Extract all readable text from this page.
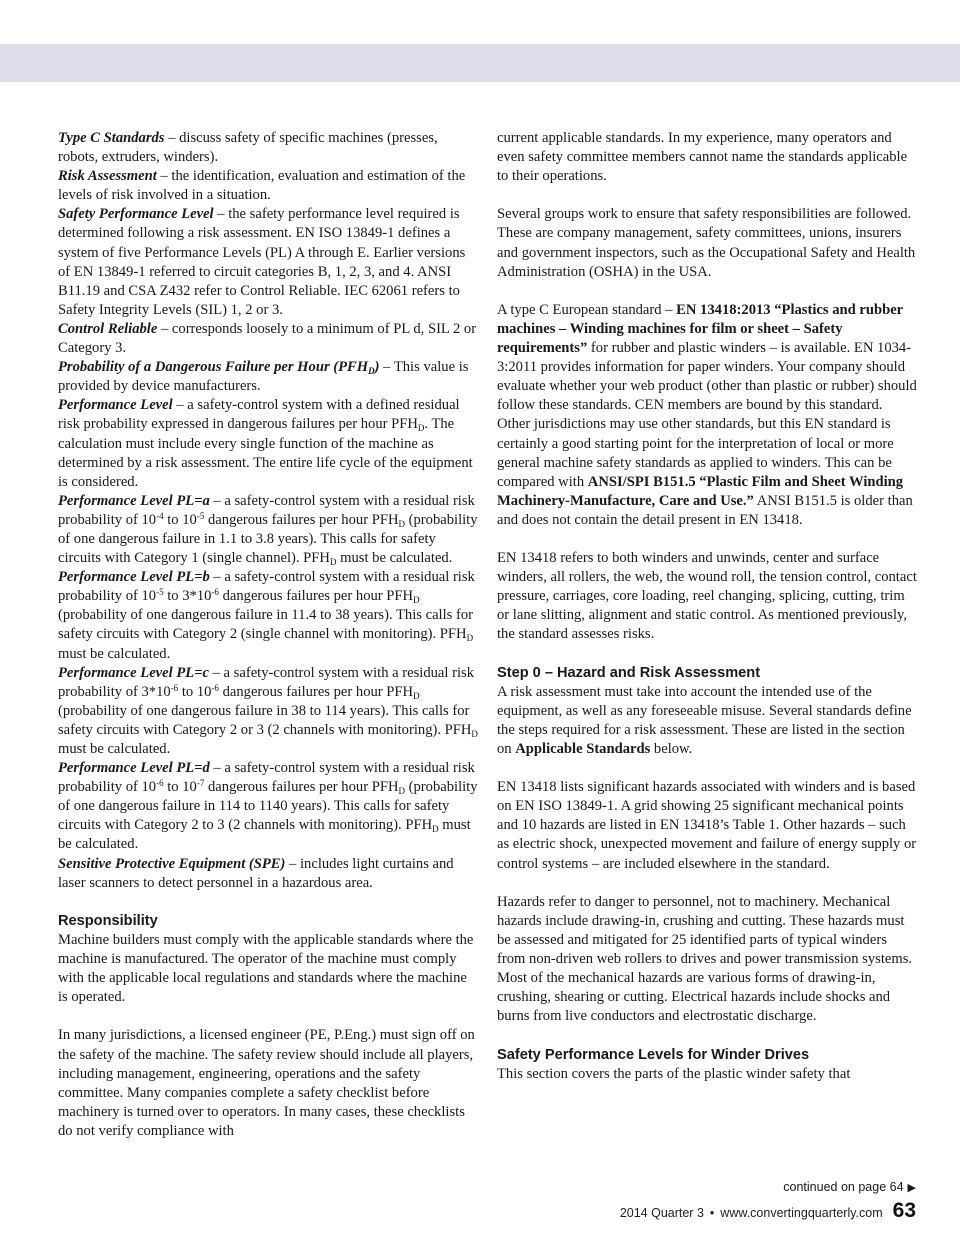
Type C Standards – discuss safety of specific machines (presses, robots, extruders, winders).

Risk Assessment – the identification, evaluation and estimation of the levels of risk involved in a situation.

Safety Performance Level – the safety performance level required is determined following a risk assessment. EN ISO 13849-1 defines a system of five Performance Levels (PL) A through E. Earlier versions of EN 13849-1 referred to circuit categories B, 1, 2, 3, and 4. ANSI B11.19 and CSA Z432 refer to Control Reliable. IEC 62061 refers to Safety Integrity Levels (SIL) 1, 2 or 3.

Control Reliable – corresponds loosely to a minimum of PL d, SIL 2 or Category 3.

Probability of a Dangerous Failure per Hour $(PFH_D)$ – This value is provided by device manufacturers.

Performance Level – a safety-control system with a defined residual risk probability expressed in dangerous failures per hour $PFH_D$. The calculation must include every single function of the machine as determined by a risk assessment. The entire life cycle of the equipment is considered.

Performance Level PL=a – a safety-control system with a residual risk probability of $10^{-4}$ to $10^{-5}$ dangerous failures per hour $PFH_D$ (probability of one dangerous failure in 1.1 to 3.8 years). This calls for safety circuits with Category 1 (single channel). $PFH_D$ must be calculated.

Performance Level PL=b – a safety-control system with a residual risk probability of $10^{-5}$ to $3*10^{-6}$ dangerous failures per hour $PFH_D$ (probability of one dangerous failure in 11.4 to 38 years). This calls for safety circuits with Category 2 (single channel with monitoring). $PFH_D$ must be calculated.

Performance Level PL=c – a safety-control system with a residual risk probability of $3*10^{-6}$ to $10^{-6}$ dangerous failures per hour $PFH_D$ (probability of one dangerous failure in 38 to 114 years). This calls for safety circuits with Category 2 or 3 (2 channels with monitoring). $PFH_D$ must be calculated.

Performance Level PL=d – a safety-control system with a residual risk probability of $10^{-6}$ to $10^{-7}$ dangerous failures per hour $PFH_D$ (probability of one dangerous failure in 114 to 1140 years). This calls for safety circuits with Category 2 to 3 (2 channels with monitoring). $PFH_D$ must be calculated.

Sensitive Protective Equipment (SPE) – includes light curtains and laser scanners to detect personnel in a hazardous area.

Responsibility

Machine builders must comply with the applicable standards where the machine is manufactured. The operator of the machine must comply with the applicable local regulations and standards where the machine is operated.

In many jurisdictions, a licensed engineer (PE, P.Eng.) must sign off on the safety of the machine. The safety review should include all players, including management, engineering, operations and the safety committee. Many companies complete a safety checklist before machinery is turned over to operators. In many cases, these checklists do not verify compliance with

current applicable standards. In my experience, many operators and even safety committee members cannot name the standards applicable to their operations.

Several groups work to ensure that safety responsibilities are followed. These are company management, safety committees, unions, insurers and government inspectors, such as the Occupational Safety and Health Administration (OSHA) in the USA.

A type C European standard – EN 13418:2013 “Plastics and rubber machines – Winding machines for film or sheet – Safety requirements” for rubber and plastic winders – is available. EN 1034-3:2011 provides information for paper winders. Your company should evaluate whether your web product (other than plastic or rubber) should follow these standards. CEN members are bound by this standard. Other jurisdictions may use other standards, but this EN standard is certainly a good starting point for the interpretation of local or more general machine safety standards as applied to winders. This can be compared with ANSI/SPI B151.5 “Plastic Film and Sheet Winding Machinery-Manufacture, Care and Use.” ANSI B151.5 is older than and does not contain the detail present in EN 13418.

EN 13418 refers to both winders and unwinds, center and surface winders, all rollers, the web, the wound roll, the tension control, contact pressure, carriages, core loading, reel changing, splicing, cutting, trim or lane slitting, alignment and static control. As mentioned previously, the standard assesses risks.

Step 0 – Hazard and Risk Assessment

A risk assessment must take into account the intended use of the equipment, as well as any foreseeable misuse. Several standards define the steps required for a risk assessment. These are listed in the section on Applicable Standards below.

EN 13418 lists significant hazards associated with winders and is based on EN ISO 13849-1. A grid showing 25 significant mechanical points and 10 hazards are listed in EN 13418’s Table 1. Other hazards – such as electric shock, unexpected movement and failure of energy supply or control systems – are included elsewhere in the standard.

Hazards refer to danger to personnel, not to machinery. Mechanical hazards include drawing-in, crushing and cutting. These hazards must be assessed and mitigated for 25 identified parts of typical winders from non-driven web rollers to drives and power transmission systems. Most of the mechanical hazards are various forms of drawing-in, crushing, shearing or cutting. Electrical hazards include shocks and burns from live conductors and electrostatic discharge.

Safety Performance Levels for Winder Drives

This section covers the parts of the plastic winder safety that

continued on page 64 ▶
2014 Quarter 3 • www.convertingquarterly.com 63
